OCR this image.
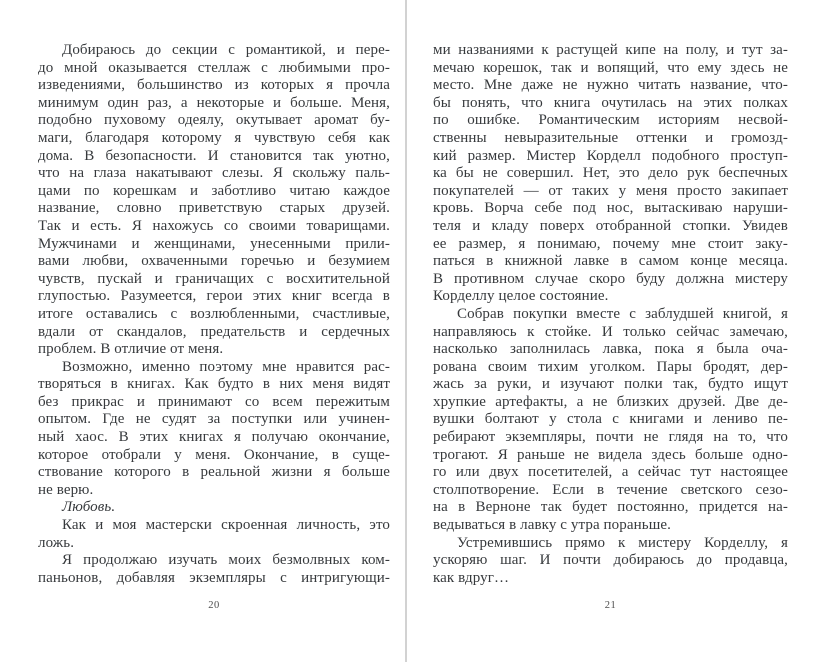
Добираюсь до секции с романтикой, и пере-
до мной оказывается стеллаж с любимыми про-
изведениями, большинство из которых я прочла
минимум один раз, а некоторые и больше. Меня,
подобно пуховому одеялу, окутывает аромат бу-
маги, благодаря которому я чувствую себя как
дома. В безопасности. И становится так уютно,
что на глаза накатывают слезы. Я скольжу паль-
цами по корешкам и заботливо читаю каждое
название, словно приветствую старых друзей.
Так и есть. Я нахожусь со своими товарищами.
Мужчинами и женщинами, унесенными прили-
вами любви, охваченными горечью и безумием
чувств, пускай и граничащих с восхитительной
глупостью. Разумеется, герои этих книг всегда в
итоге оставались с возлюбленными, счастливые,
вдали от скандалов, предательств и сердечных
проблем. В отличие от меня.
Возможно, именно поэтому мне нравится рас-
творяться в книгах. Как будто в них меня видят
без прикрас и принимают со всем пережитым
опытом. Где не судят за поступки или учинен-
ный хаос. В этих книгах я получаю окончание,
которое отобрали у меня. Окончание, в суще-
ствование которого в реальной жизни я больше
не верю.
Любовь.
Как и моя мастерски скроенная личность, это
ложь.
Я продолжаю изучать моих безмолвных ком-
паньонов, добавляя экземпляры с интригующи-
20
ми названиями к растущей кипе на полу, и тут за-
мечаю корешок, так и вопящий, что ему здесь не
место. Мне даже не нужно читать название, что-
бы понять, что книга очутилась на этих полках
по ошибке. Романтическим историям несвой-
ственны невыразительные оттенки и громозд-
кий размер. Мистер Корделл подобного проступ-
ка бы не совершил. Нет, это дело рук беспечных
покупателей — от таких у меня просто закипает
кровь. Ворча себе под нос, вытаскиваю наруши-
теля и кладу поверх отобранной стопки. Увидев
ее размер, я понимаю, почему мне стоит заку-
паться в книжной лавке в самом конце месяца.
В противном случае скоро буду должна мистеру
Корделлу целое состояние.
Собрав покупки вместе с заблудшей книгой, я
направляюсь к стойке. И только сейчас замечаю,
насколько заполнилась лавка, пока я была оча-
рована своим тихим уголком. Пары бродят, дер-
жась за руки, и изучают полки так, будто ищут
хрупкие артефакты, а не близких друзей. Две де-
вушки болтают у стола с книгами и лениво пе-
ребирают экземпляры, почти не глядя на то, что
трогают. Я раньше не видела здесь больше одно-
го или двух посетителей, а сейчас тут настоящее
столпотворение. Если в течение светского сезо-
на в Верноне так будет постоянно, придется на-
ведываться в лавку с утра пораньше.
Устремившись прямо к мистеру Корделлу, я
ускоряю шаг. И почти добираюсь до продавца,
как вдруг…
21
